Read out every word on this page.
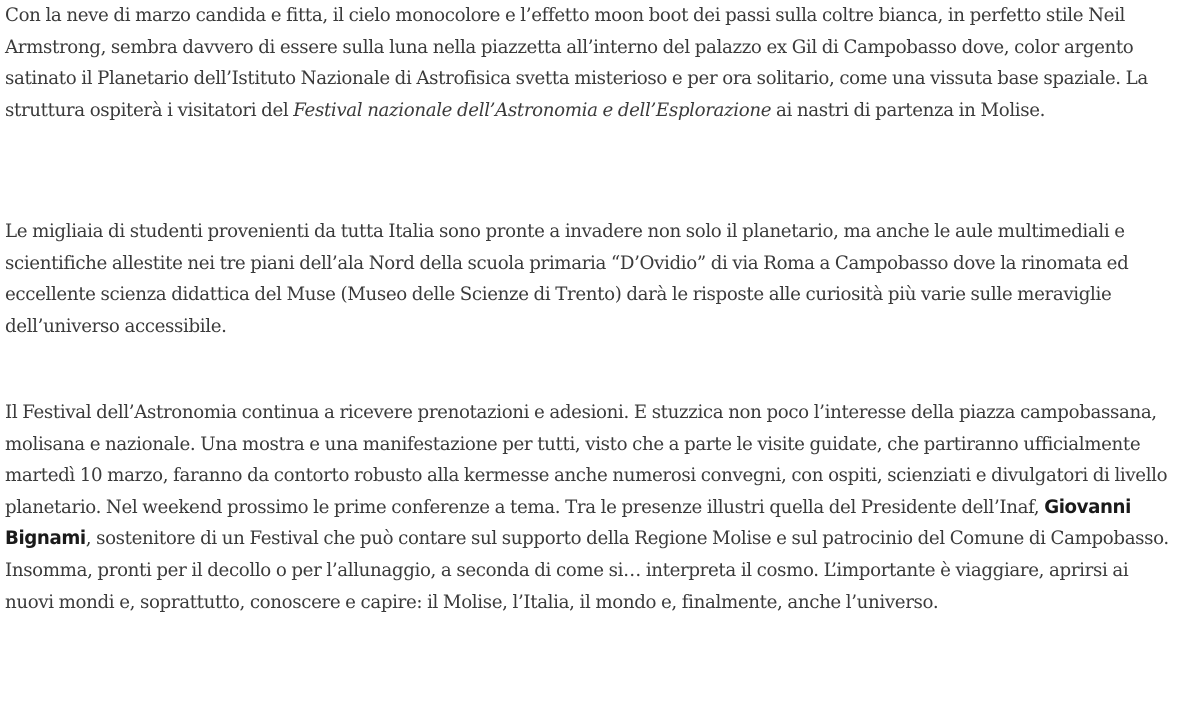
Con la neve di marzo candida e fitta, il cielo monocolore e l’effetto moon boot dei passi sulla coltre bianca, in perfetto stile Neil Armstrong, sembra davvero di essere sulla luna nella piazzetta all’interno del palazzo ex Gil di Campobasso dove, color argento satinato il Planetario dell’Istituto Nazionale di Astrofisica svetta misterioso e per ora solitario, come una vissuta base spaziale. La struttura ospiterà i visitatori del Festival nazionale dell’Astronomia e dell’Esplorazione ai nastri di partenza in Molise.

Le migliaia di studenti provenienti da tutta Italia sono pronte a invadere non solo il planetario, ma anche le aule multimediali e scientifiche allestite nei tre piani dell’ala Nord della scuola primaria “D’Ovidio” di via Roma a Campobasso dove la rinomata ed eccellente scienza didattica del Muse (Museo delle Scienze di Trento) darà le risposte alle curiosità più varie sulle meraviglie dell’universo accessibile.

Il Festival dell’Astronomia continua a ricevere prenotazioni e adesioni. E stuzzica non poco l’interesse della piazza campobassana, molisana e nazionale. Una mostra e una manifestazione per tutti, visto che a parte le visite guidate, che partiranno ufficialmente martedì 10 marzo, faranno da contorto robusto alla kermesse anche numerosi convegni, con ospiti, scienziati e divulgatori di livello planetario. Nel weekend prossimo le prime conferenze a tema. Tra le presenze illustri quella del Presidente dell’Inaf, Giovanni Bignami, sostenitore di un Festival che può contare sul supporto della Regione Molise e sul patrocinio del Comune di Campobasso. Insomma, pronti per il decollo o per l’allunaggio, a seconda di come si… interpreta il cosmo. L’importante è viaggiare, aprirsi ai nuovi mondi e, soprattutto, conoscere e capire: il Molise, l’Italia, il mondo e, finalmente, anche l’universo.
